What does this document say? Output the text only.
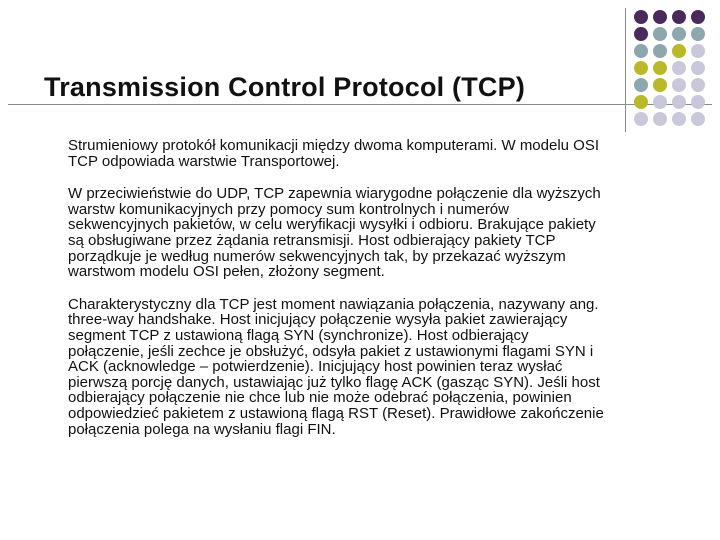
Transmission Control Protocol (TCP)

Strumieniowy protokół komunikacji między dwoma komputerami. W modelu OSI
TCP odpowiada warstwie Transportowej.

W przeciwieństwie do UDP, TCP zapewnia wiarygodne połączenie dla wyższych
warstw komunikacyjnych przy pomocy sum kontrolnych i numerów
sekwencyjnych pakietów, w celu weryfikacji wysyłki i odbioru. Brakujące pakiety
są obsługiwane przez żądania retransmisji. Host odbierający pakiety TCP
porządkuje je według numerów sekwencyjnych tak, by przekazać wyższym
warstwom modelu OSI pełen, złożony segment.

Charakterystyczny dla TCP jest moment nawiązania połączenia, nazywany ang.
three-way handshake. Host inicjujący połączenie wysyła pakiet zawierający
segment TCP z ustawioną flagą SYN (synchronize). Host odbierający
połączenie, jeśli zechce je obsłużyć, odsyła pakiet z ustawionymi flagami SYN i
ACK (acknowledge – potwierdzenie). Inicjujący host powinien teraz wysłać
pierwszą porcję danych, ustawiając już tylko flagę ACK (gasząc SYN). Jeśli host
odbierający połączenie nie chce lub nie może odebrać połączenia, powinien
odpowiedzieć pakietem z ustawioną flagą RST (Reset). Prawidłowe zakończenie
połączenia polega na wysłaniu flagi FIN.
